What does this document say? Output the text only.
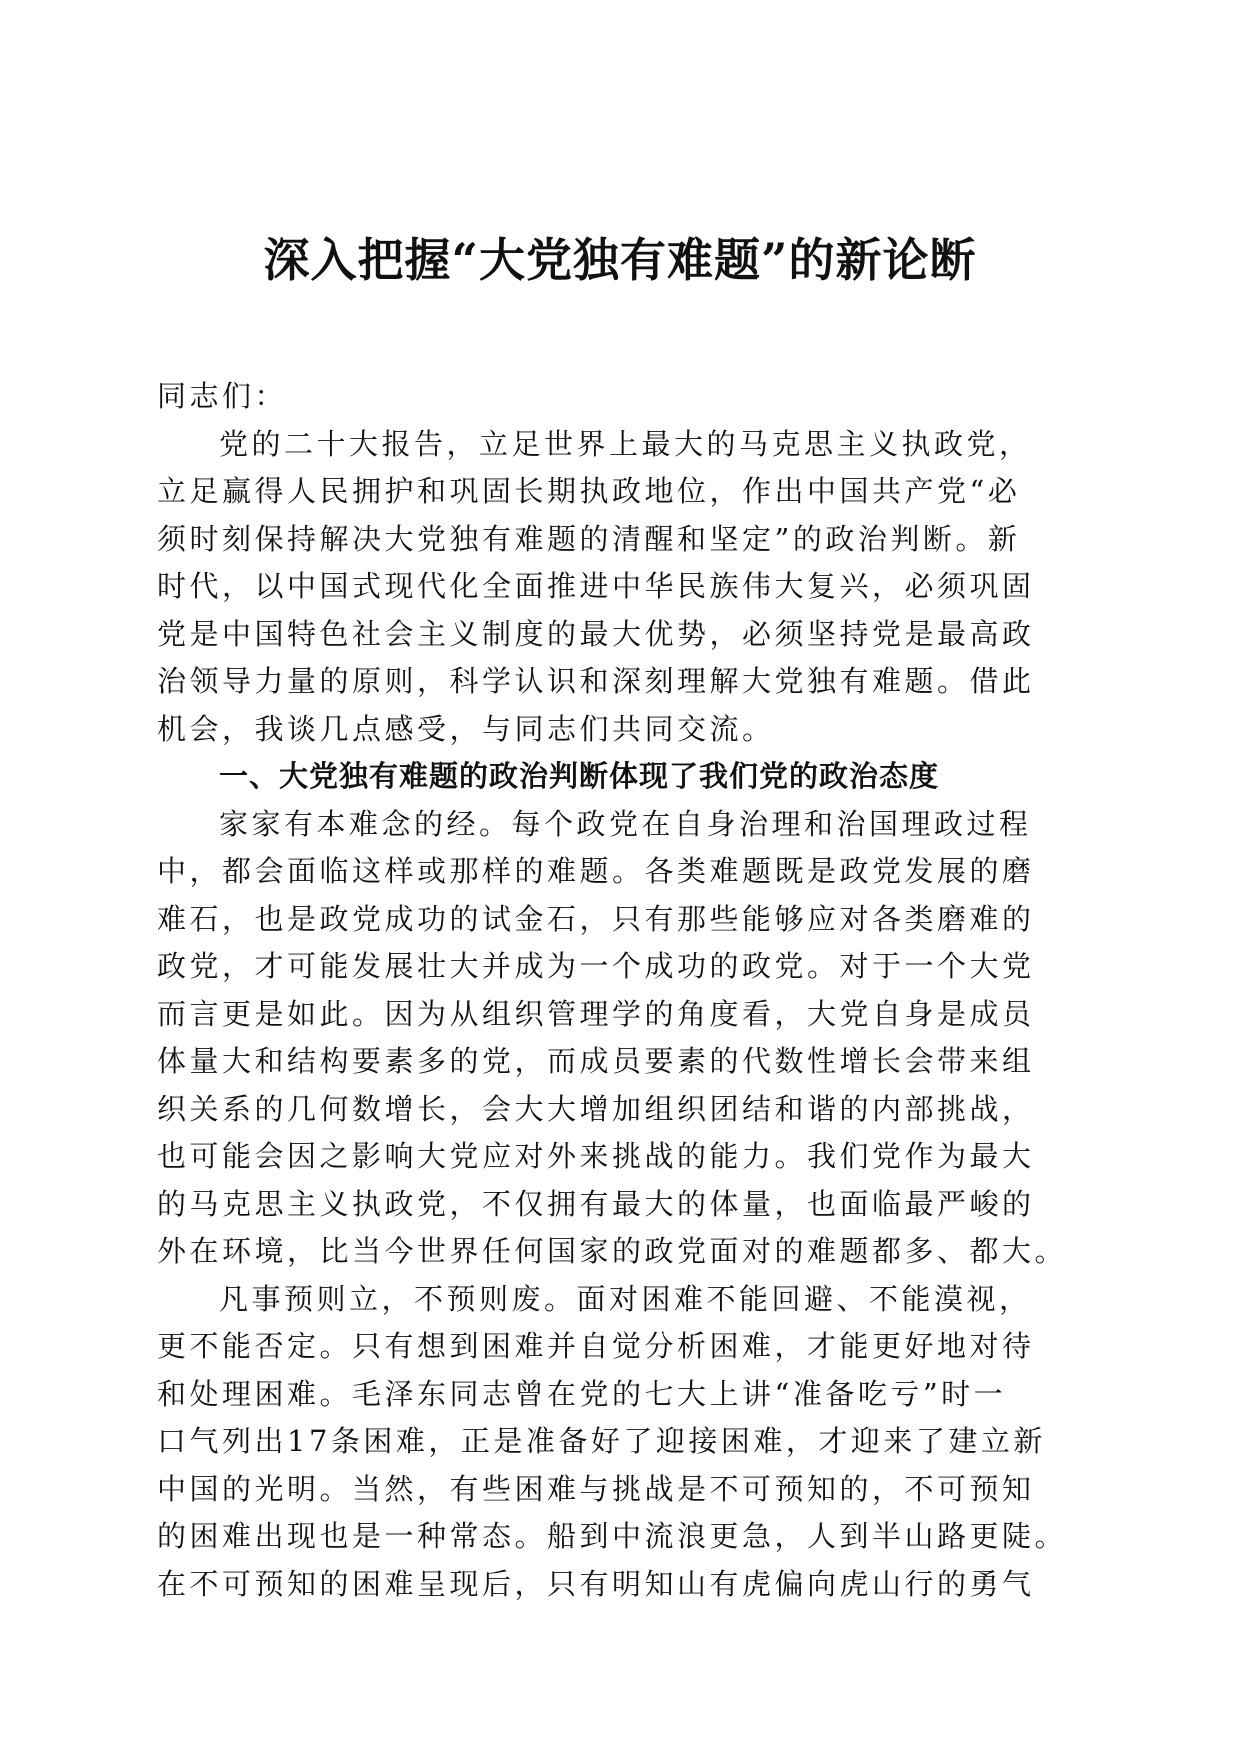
深入把握“大党独有难题”的新论断
同志们：
党的二十大报告，立足世界上最大的马克思主义执政党，
立足赢得人民拥护和巩固长期执政地位，作出中国共产党“必
须时刻保持解决大党独有难题的清醒和坚定”的政治判断。新
时代，以中国式现代化全面推进中华民族伟大复兴，必须巩固
党是中国特色社会主义制度的最大优势，必须坚持党是最高政
治领导力量的原则，科学认识和深刻理解大党独有难题。借此
机会，我谈几点感受，与同志们共同交流。
一、大党独有难题的政治判断体现了我们党的政治态度
家家有本难念的经。每个政党在自身治理和治国理政过程
中，都会面临这样或那样的难题。各类难题既是政党发展的磨
难石，也是政党成功的试金石，只有那些能够应对各类磨难的
政党，才可能发展壮大并成为一个成功的政党。对于一个大党
而言更是如此。因为从组织管理学的角度看，大党自身是成员
体量大和结构要素多的党，而成员要素的代数性增长会带来组
织关系的几何数增长，会大大增加组织团结和谐的内部挑战，
也可能会因之影响大党应对外来挑战的能力。我们党作为最大
的马克思主义执政党，不仅拥有最大的体量，也面临最严峻的
外在环境，比当今世界任何国家的政党面对的难题都多、都大。
凡事预则立，不预则废。面对困难不能回避、不能漠视，
更不能否定。只有想到困难并自觉分析困难，才能更好地对待
和处理困难。毛泽东同志曾在党的七大上讲“准备吃亏”时一
口气列出17条困难，正是准备好了迎接困难，才迎来了建立新
中国的光明。当然，有些困难与挑战是不可预知的，不可预知
的困难出现也是一种常态。船到中流浪更急，人到半山路更陡。
在不可预知的困难呈现后，只有明知山有虎偏向虎山行的勇气
